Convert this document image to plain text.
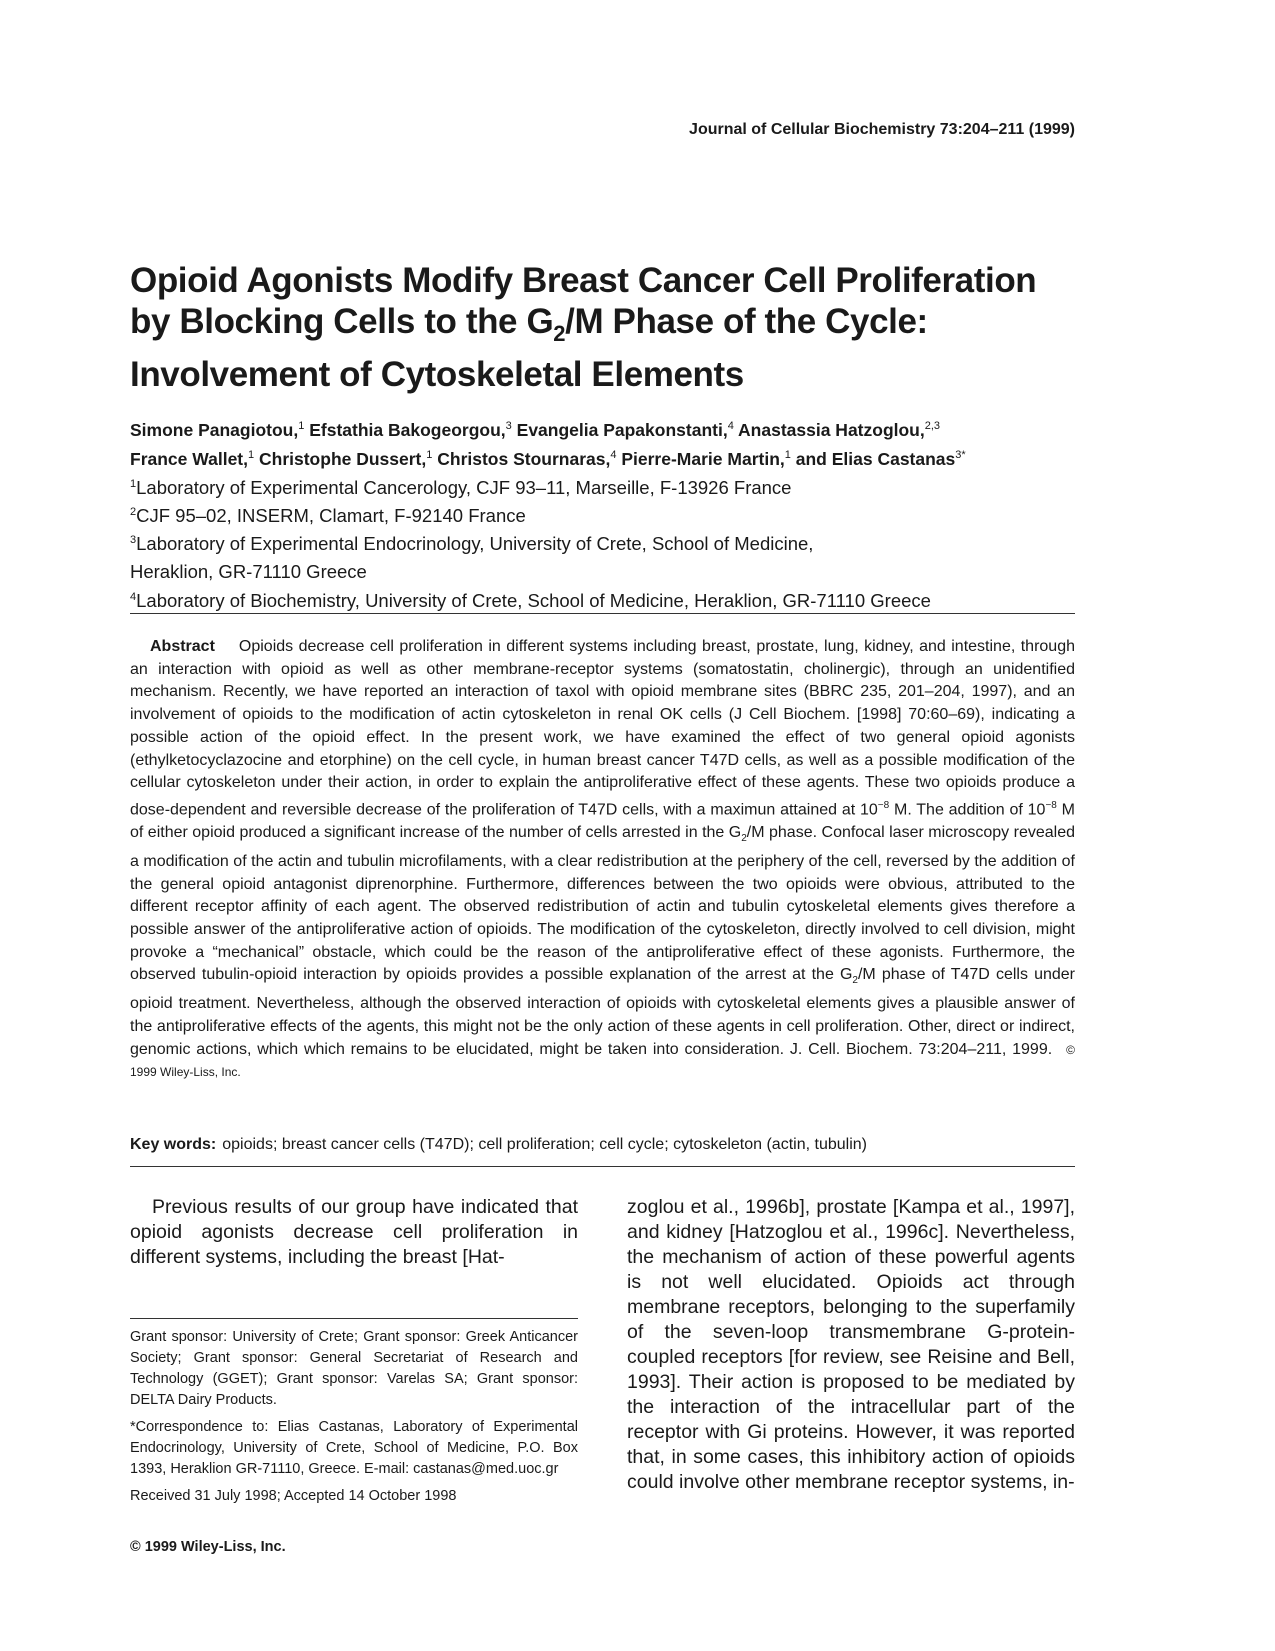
Journal of Cellular Biochemistry 73:204–211 (1999)
Opioid Agonists Modify Breast Cancer Cell Proliferation
by Blocking Cells to the $G_2/M$ Phase of the Cycle:
Involvement of Cytoskeletal Elements
Simone Panagiotou,$^1$ Efstathia Bakogeorgou,$^3$ Evangelia Papakonstanti,$^4$ Anastassia Hatzoglou,$^{2,3}$
France Wallet,$^1$ Christophe Dussert,$^1$ Christos Stournaras,$^4$ Pierre-Marie Martin,$^1$ and Elias Castanas$^{3*}$
$^1$Laboratory of Experimental Cancerology, CJF 93–11, Marseille, F-13926 France
$^2$CJF 95–02, INSERM, Clamart, F-92140 France
$^3$Laboratory of Experimental Endocrinology, University of Crete, School of Medicine,
Heraklion, GR-71110 Greece
$^4$Laboratory of Biochemistry, University of Crete, School of Medicine, Heraklion, GR-71110 Greece
Abstract Opioids decrease cell proliferation in different systems including breast, prostate, lung, kidney, and intestine, through an interaction with opioid as well as other membrane-receptor systems (somatostatin, cholinergic), through an unidentified mechanism. Recently, we have reported an interaction of taxol with opioid membrane sites (BBRC 235, 201–204, 1997), and an involvement of opioids to the modification of actin cytoskeleton in renal OK cells (J Cell Biochem. [1998] 70:60–69), indicating a possible action of the opioid effect. In the present work, we have examined the effect of two general opioid agonists (ethylketocyclazocine and etorphine) on the cell cycle, in human breast cancer T47D cells, as well as a possible modification of the cellular cytoskeleton under their action, in order to explain the antiproliferative effect of these agents. These two opioids produce a dose-dependent and reversible decrease of the proliferation of T47D cells, with a maximun attained at $10^{-8}$ M. The addition of $10^{-8}$ M of either opioid produced a significant increase of the number of cells arrested in the $G_2/M$ phase. Confocal laser microscopy revealed a modification of the actin and tubulin microfilaments, with a clear redistribution at the periphery of the cell, reversed by the addition of the general opioid antagonist diprenorphine. Furthermore, differences between the two opioids were obvious, attributed to the different receptor affinity of each agent. The observed redistribution of actin and tubulin cytoskeletal elements gives therefore a possible answer of the antiproliferative action of opioids. The modification of the cytoskeleton, directly involved to cell division, might provoke a “mechanical” obstacle, which could be the reason of the antiproliferative effect of these agonists. Furthermore, the observed tubulin-opioid interaction by opioids provides a possible explanation of the arrest at the $G_2/M$ phase of T47D cells under opioid treatment. Nevertheless, although the observed interaction of opioids with cytoskeletal elements gives a plausible answer of the antiproliferative effects of the agents, this might not be the only action of these agents in cell proliferation. Other, direct or indirect, genomic actions, which which remains to be elucidated, might be taken into consideration. J. Cell. Biochem. 73:204–211, 1999. © 1999 Wiley-Liss, Inc.
Key words: opioids; breast cancer cells (T47D); cell proliferation; cell cycle; cytoskeleton (actin, tubulin)

Previous results of our group have indicated that opioid agonists decrease cell proliferation in different systems, including the breast [Hat-

Grant sponsor: University of Crete; Grant sponsor: Greek Anticancer Society; Grant sponsor: General Secretariat of Research and Technology (GGET); Grant sponsor: Varelas SA; Grant sponsor: DELTA Dairy Products.

*Correspondence to: Elias Castanas, Laboratory of Experimental Endocrinology, University of Crete, School of Medicine, P.O. Box 1393, Heraklion GR-71110, Greece. E-mail: castanas@med.uoc.gr

Received 31 July 1998; Accepted 14 October 1998

© 1999 Wiley-Liss, Inc.

zoglou et al., 1996b], prostate [Kampa et al., 1997], and kidney [Hatzoglou et al., 1996c]. Nevertheless, the mechanism of action of these powerful agents is not well elucidated. Opioids act through membrane receptors, belonging to the superfamily of the seven-loop transmembrane G-protein-coupled receptors [for review, see Reisine and Bell, 1993]. Their action is proposed to be mediated by the interaction of the intracellular part of the receptor with Gi proteins. However, it was reported that, in some cases, this inhibitory action of opioids could involve other membrane receptor systems, in-
